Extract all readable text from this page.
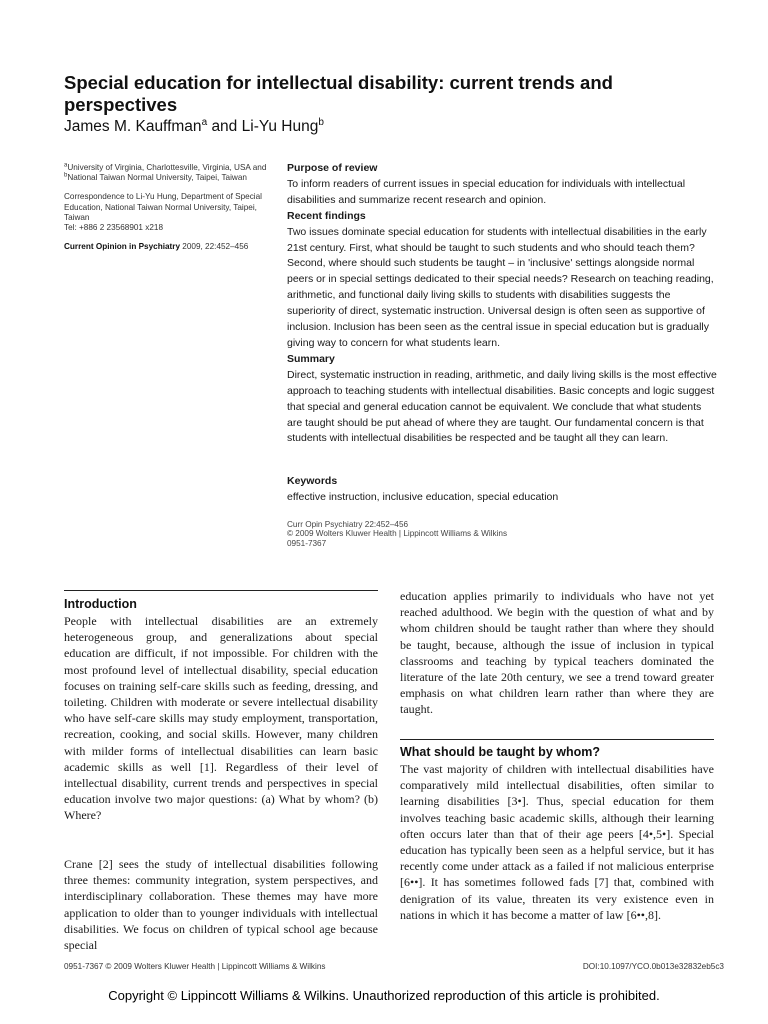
Special education for intellectual disability: current trends and perspectives
James M. Kauffman$^a$ and Li-Yu Hung$^b$

$^a$University of Virginia, Charlottesville, Virginia, USA and $^b$National Taiwan Normal University, Taipei, Taiwan

Correspondence to Li-Yu Hung, Department of Special Education, National Taiwan Normal University, Taipei, Taiwan
Tel: +886 2 23568901 x218

Current Opinion in Psychiatry 2009, 22:452–456

Purpose of review

To inform readers of current issues in special education for individuals with intellectual disabilities and summarize recent research and opinion.

Recent findings

Two issues dominate special education for students with intellectual disabilities in the early 21st century. First, what should be taught to such students and who should teach them? Second, where should such students be taught – in 'inclusive' settings alongside normal peers or in special settings dedicated to their special needs? Research on teaching reading, arithmetic, and functional daily living skills to students with disabilities suggests the superiority of direct, systematic instruction. Universal design is often seen as supportive of inclusion. Inclusion has been seen as the central issue in special education but is gradually giving way to concern for what students learn.

Summary

Direct, systematic instruction in reading, arithmetic, and daily living skills is the most effective approach to teaching students with intellectual disabilities. Basic concepts and logic suggest that special and general education cannot be equivalent. We conclude that what students are taught should be put ahead of where they are taught. Our fundamental concern is that students with intellectual disabilities be respected and be taught all they can learn.

Keywords

effective instruction, inclusive education, special education

Curr Opin Psychiatry 22:452–456
© 2009 Wolters Kluwer Health | Lippincott Williams & Wilkins
0951-7367
Introduction

People with intellectual disabilities are an extremely heterogeneous group, and generalizations about special education are difficult, if not impossible. For children with the most profound level of intellectual disability, special education focuses on training self-care skills such as feeding, dressing, and toileting. Children with moderate or severe intellectual disability who have self-care skills may study employment, transportation, recreation, cooking, and social skills. However, many children with milder forms of intellectual disabilities can learn basic academic skills as well [1]. Regardless of their level of intellectual disability, current trends and perspectives in special education involve two major questions: (a) What by whom? (b) Where?

Crane [2] sees the study of intellectual disabilities following three themes: community integration, system perspectives, and interdisciplinary collaboration. These themes may have more application to older than to younger individuals with intellectual disabilities. We focus on children of typical school age because special

education applies primarily to individuals who have not yet reached adulthood. We begin with the question of what and by whom children should be taught rather than where they should be taught, because, although the issue of inclusion in typical classrooms and teaching by typical teachers dominated the literature of the late 20th century, we see a trend toward greater emphasis on what children learn rather than where they are taught.

What should be taught by whom?

The vast majority of children with intellectual disabilities have comparatively mild intellectual disabilities, often similar to learning disabilities [3•]. Thus, special education for them involves teaching basic academic skills, although their learning often occurs later than that of their age peers [4•,5•]. Special education has typically been seen as a helpful service, but it has recently come under attack as a failed if not malicious enterprise [6••]. It has sometimes followed fads [7] that, combined with denigration of its value, threaten its very existence even in nations in which it has become a matter of law [6••,8].

0951-7367 © 2009 Wolters Kluwer Health | Lippincott Williams & Wilkins	DOI:10.1097/YCO.0b013e32832eb5c3
Copyright © Lippincott Williams & Wilkins. Unauthorized reproduction of this article is prohibited.
